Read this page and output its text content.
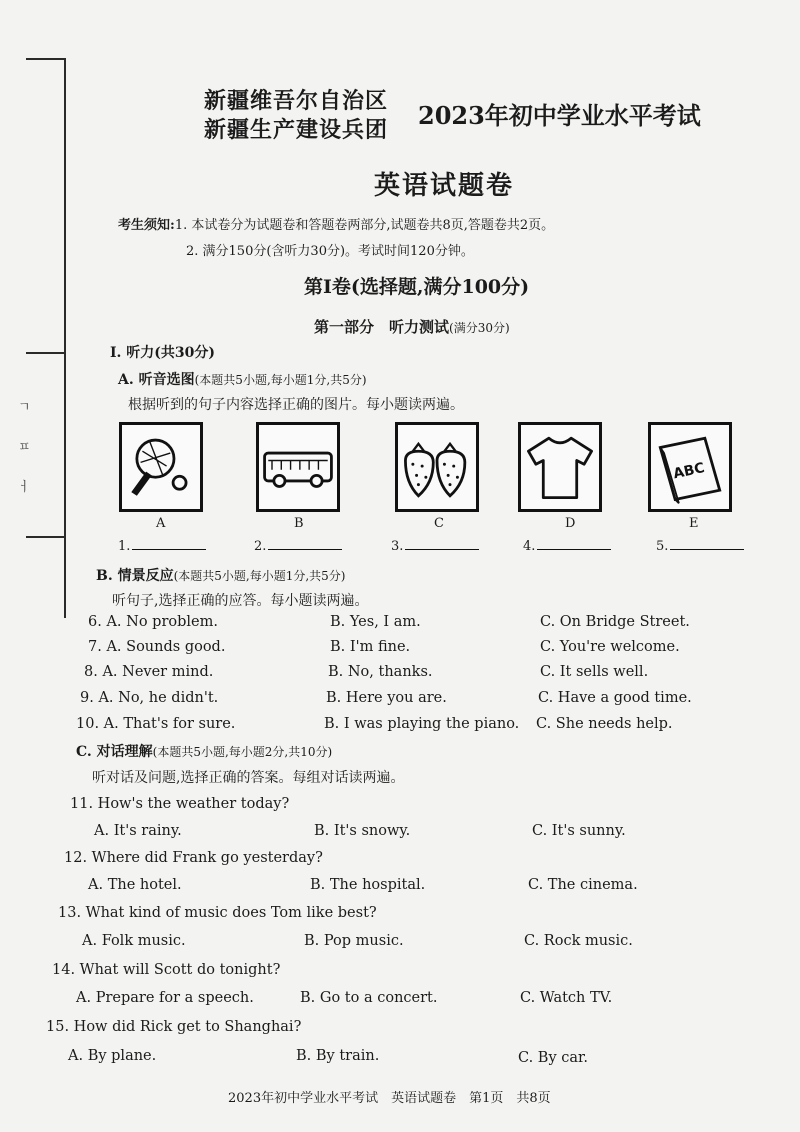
ㄱ
ㅍ
ㅓ
新疆维吾尔自治区
新疆生产建设兵团 2023年初中学业水平考试
英语试题卷
考生须知:1. 本试卷分为试题卷和答题卷两部分,试题卷共8页,答题卷共2页。
2. 满分150分(含听力30分)。考试时间120分钟。
第Ⅰ卷(选择题,满分100分)
第一部分　听力测试(满分30分)
I. 听力(共30分)
A. 听音选图(本题共5小题,每小题1分,共5分)
根据听到的句子内容选择正确的图片。每小题读两遍。
ABC
A	B	C	D	E
1.	2.	3.	4.	5.
B. 情景反应(本题共5小题,每小题1分,共5分)
听句子,选择正确的应答。每小题读两遍。
6. A. No problem.	B. Yes, I am.	C. On Bridge Street.
7. A. Sounds good.	B. I'm fine.	C. You're welcome.
8. A. Never mind.	B. No, thanks.	C. It sells well.
9. A. No, he didn't.	B. Here you are.	C. Have a good time.
10. A. That's for sure.	B. I was playing the piano. C. She needs help.
C. 对话理解(本题共5小题,每小题2分,共10分)
听对话及问题,选择正确的答案。每组对话读两遍。
11. How's the weather today?
A. It's rainy.	B. It's snowy.	C. It's sunny.
12. Where did Frank go yesterday?
A. The hotel.	B. The hospital.	C. The cinema.
13. What kind of music does Tom like best?
A. Folk music.	B. Pop music.	C. Rock music.
14. What will Scott do tonight?
A. Prepare for a speech.	B. Go to a concert.	C. Watch TV.
15. How did Rick get to Shanghai?
A. By plane.	B. By train.	C. By car.
2023年初中学业水平考试　英语试题卷　第1页　共8页
